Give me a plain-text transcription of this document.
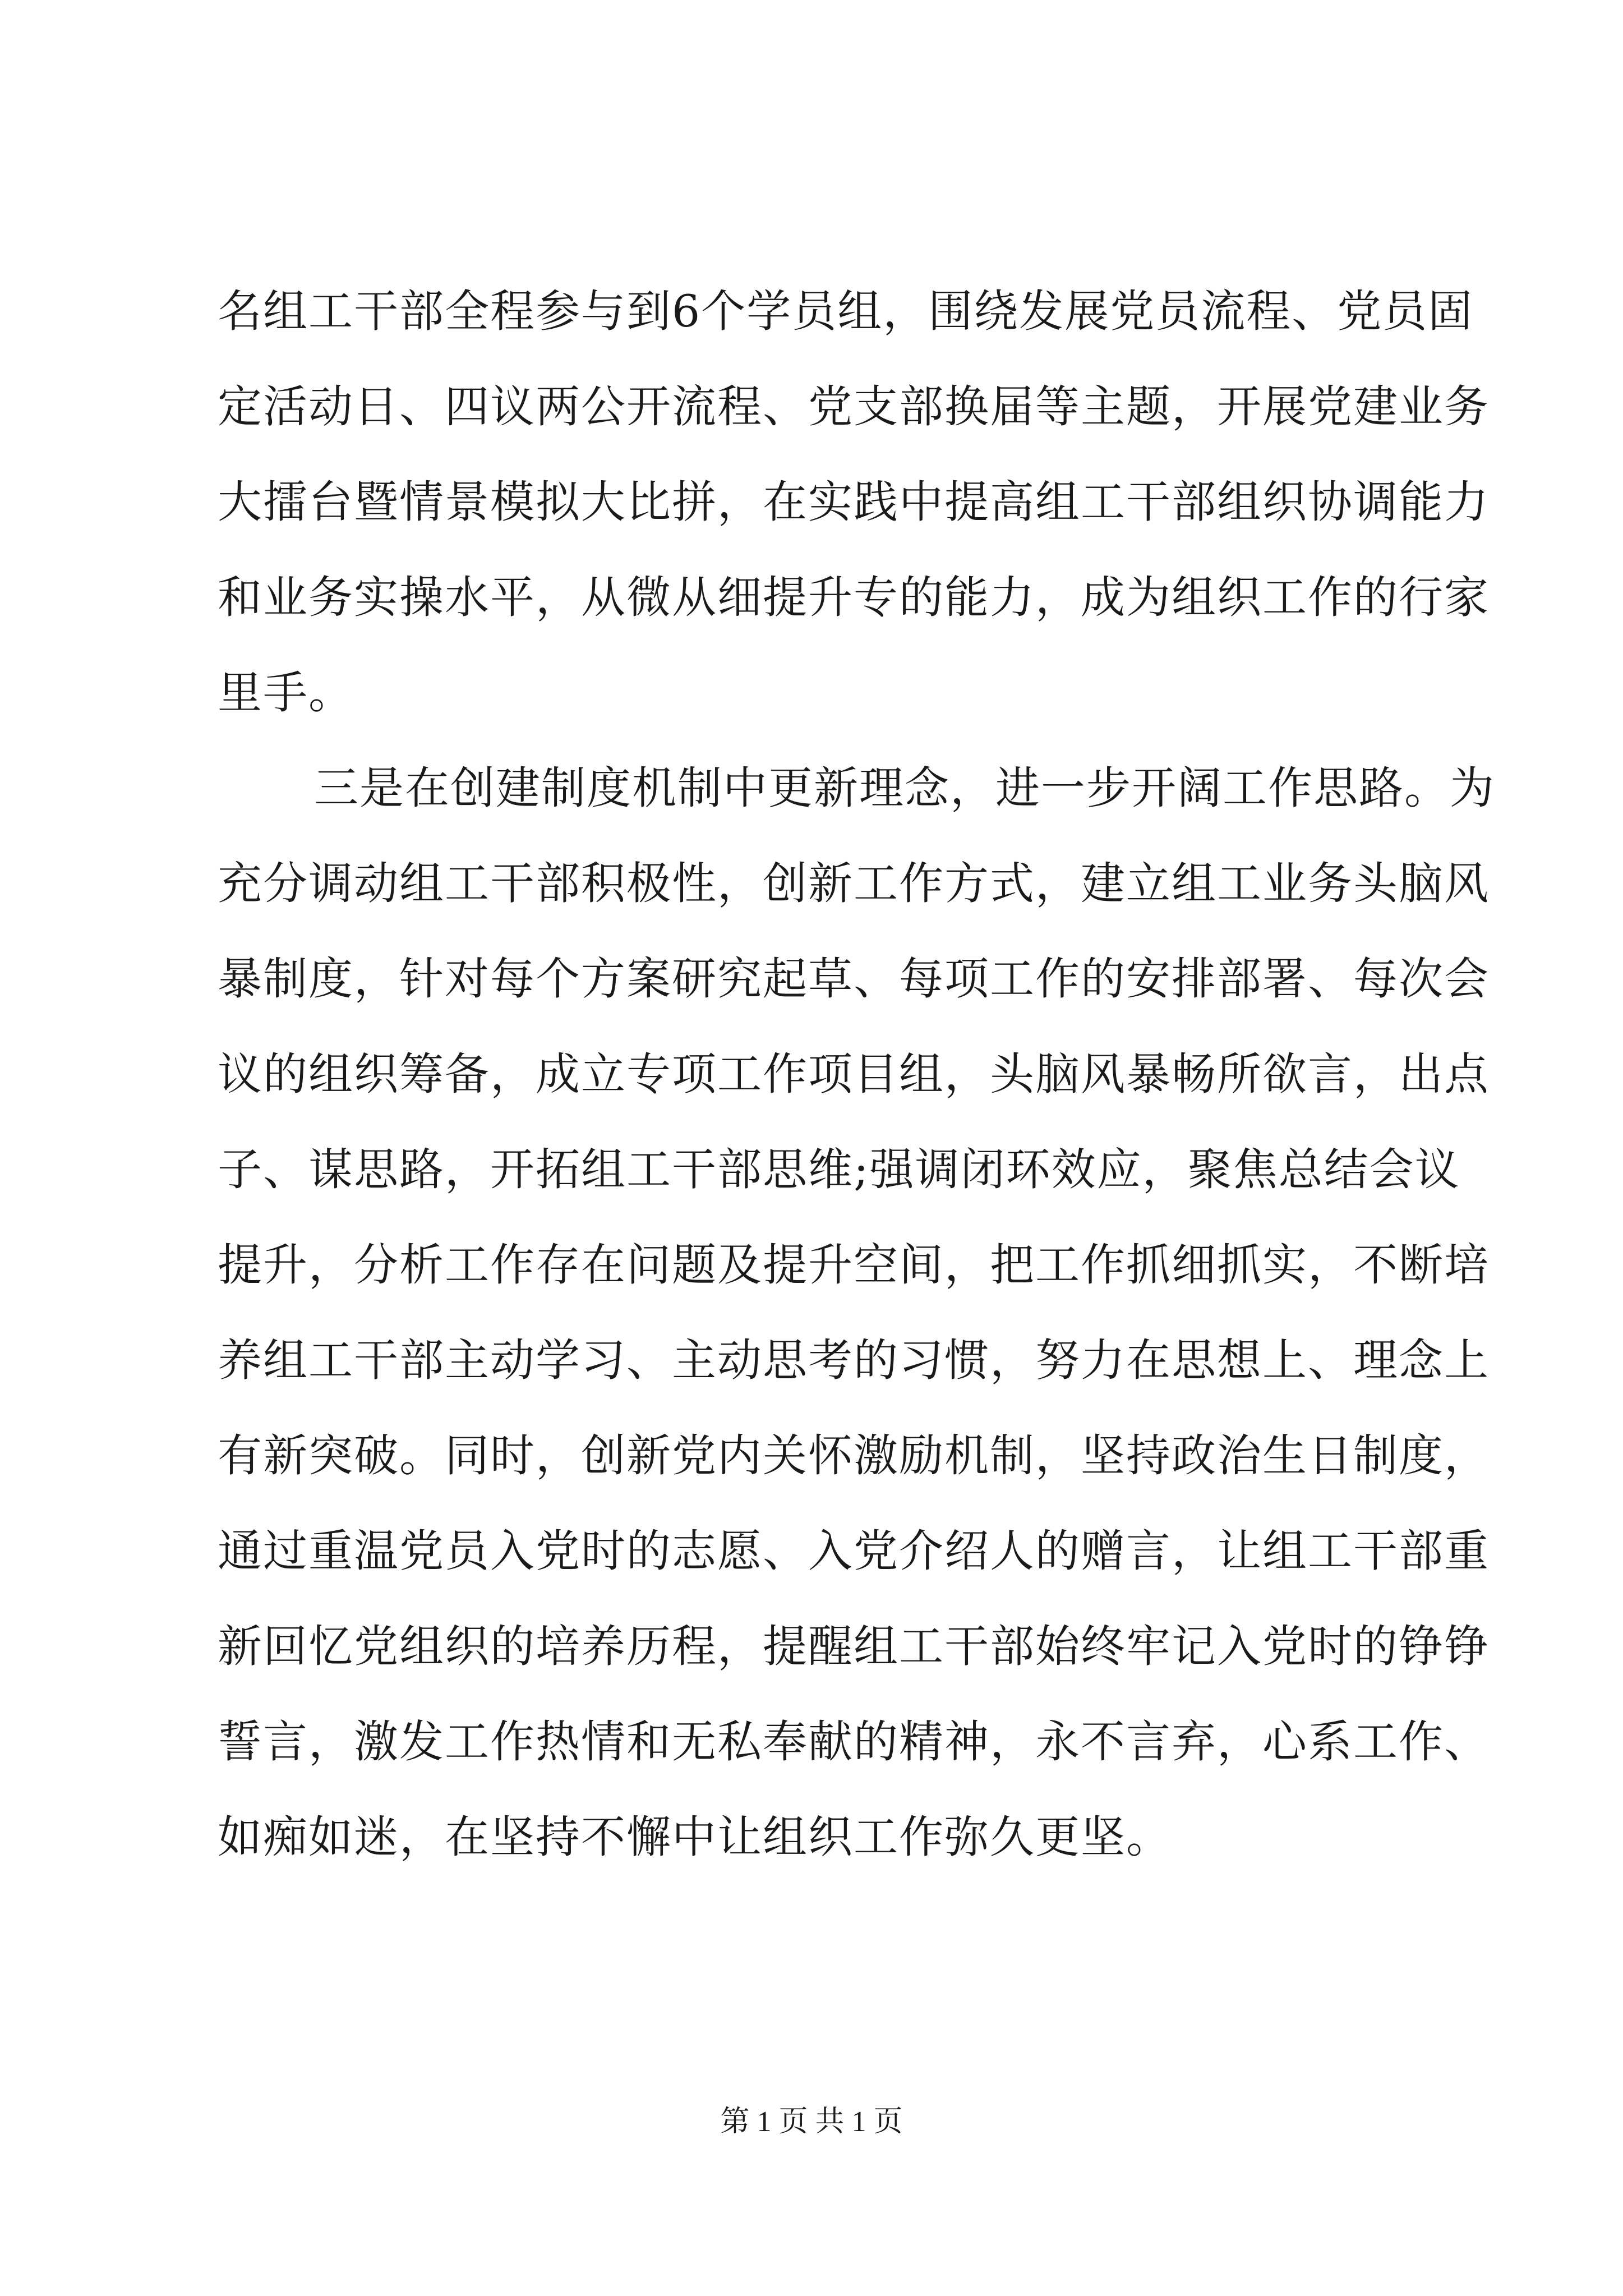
名组工干部全程参与到6个学员组，围绕发展党员流程、党员固
定活动日、四议两公开流程、党支部换届等主题，开展党建业务
大擂台暨情景模拟大比拼，在实践中提高组工干部组织协调能力
和业务实操水平，从微从细提升专的能力，成为组织工作的行家
里手。
三是在创建制度机制中更新理念，进一步开阔工作思路。为
充分调动组工干部积极性，创新工作方式，建立组工业务头脑风
暴制度，针对每个方案研究起草、每项工作的安排部署、每次会
议的组织筹备，成立专项工作项目组，头脑风暴畅所欲言，出点
子、谋思路，开拓组工干部思维;强调闭环效应，聚焦总结会议
提升，分析工作存在问题及提升空间，把工作抓细抓实，不断培
养组工干部主动学习、主动思考的习惯，努力在思想上、理念上
有新突破。同时，创新党内关怀激励机制，坚持政治生日制度，
通过重温党员入党时的志愿、入党介绍人的赠言，让组工干部重
新回忆党组织的培养历程，提醒组工干部始终牢记入党时的铮铮
誓言，激发工作热情和无私奉献的精神，永不言弃，心系工作、
如痴如迷，在坚持不懈中让组织工作弥久更坚。
第 1 页 共 1 页
